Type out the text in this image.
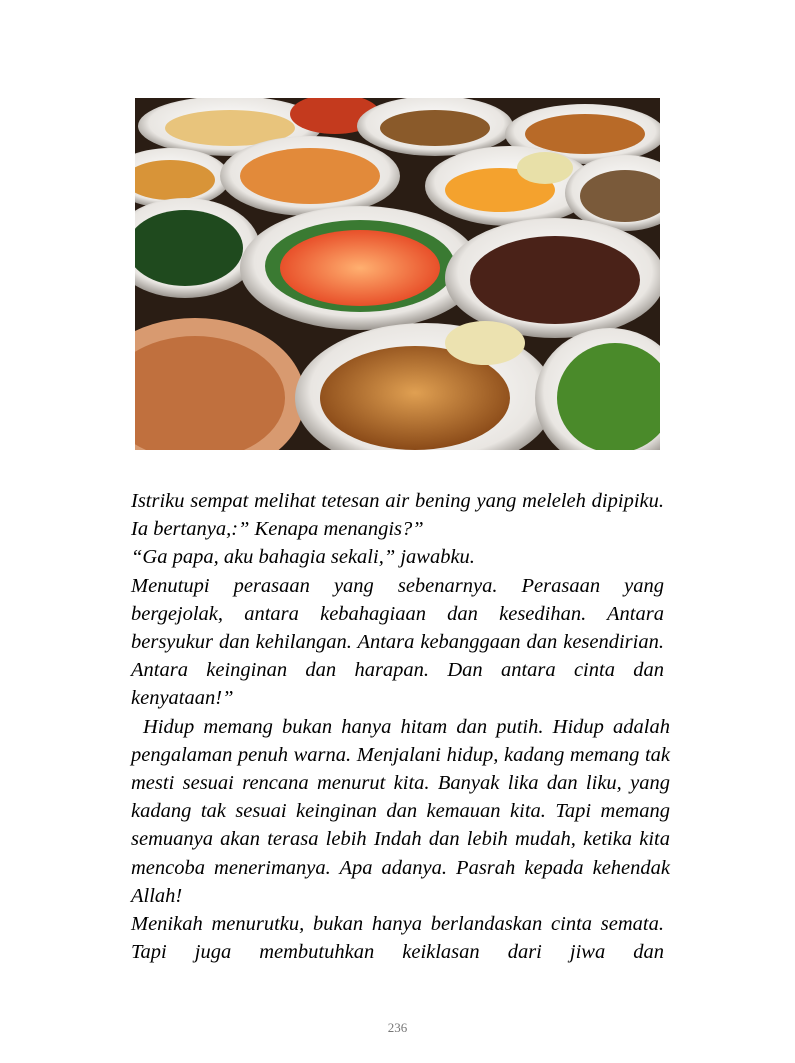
Istriku sempat melihat tetesan air bening yang meleleh dipipiku. Ia bertanya,:” Kenapa menangis?”

“Ga papa, aku bahagia sekali,” jawabku.

Menutupi perasaan yang sebenarnya. Perasaan yang bergejolak, antara kebahagiaan dan kesedihan. Antara bersyukur dan kehilangan. Antara kebanggaan dan kesendirian. Antara keinginan dan harapan. Dan antara cinta dan kenyataan!”

Hidup memang bukan hanya hitam dan putih. Hidup adalah pengalaman penuh warna. Menjalani hidup, kadang memang tak mesti sesuai rencana menurut kita. Banyak lika dan liku, yang kadang tak sesuai keinginan dan kemauan kita. Tapi memang semuanya akan terasa lebih Indah dan lebih mudah, ketika kita mencoba menerimanya. Apa adanya. Pasrah kepada kehendak Allah!

Menikah menurutku, bukan hanya berlandaskan cinta semata. Tapi juga membutuhkan keiklasan dari jiwa dan

236
